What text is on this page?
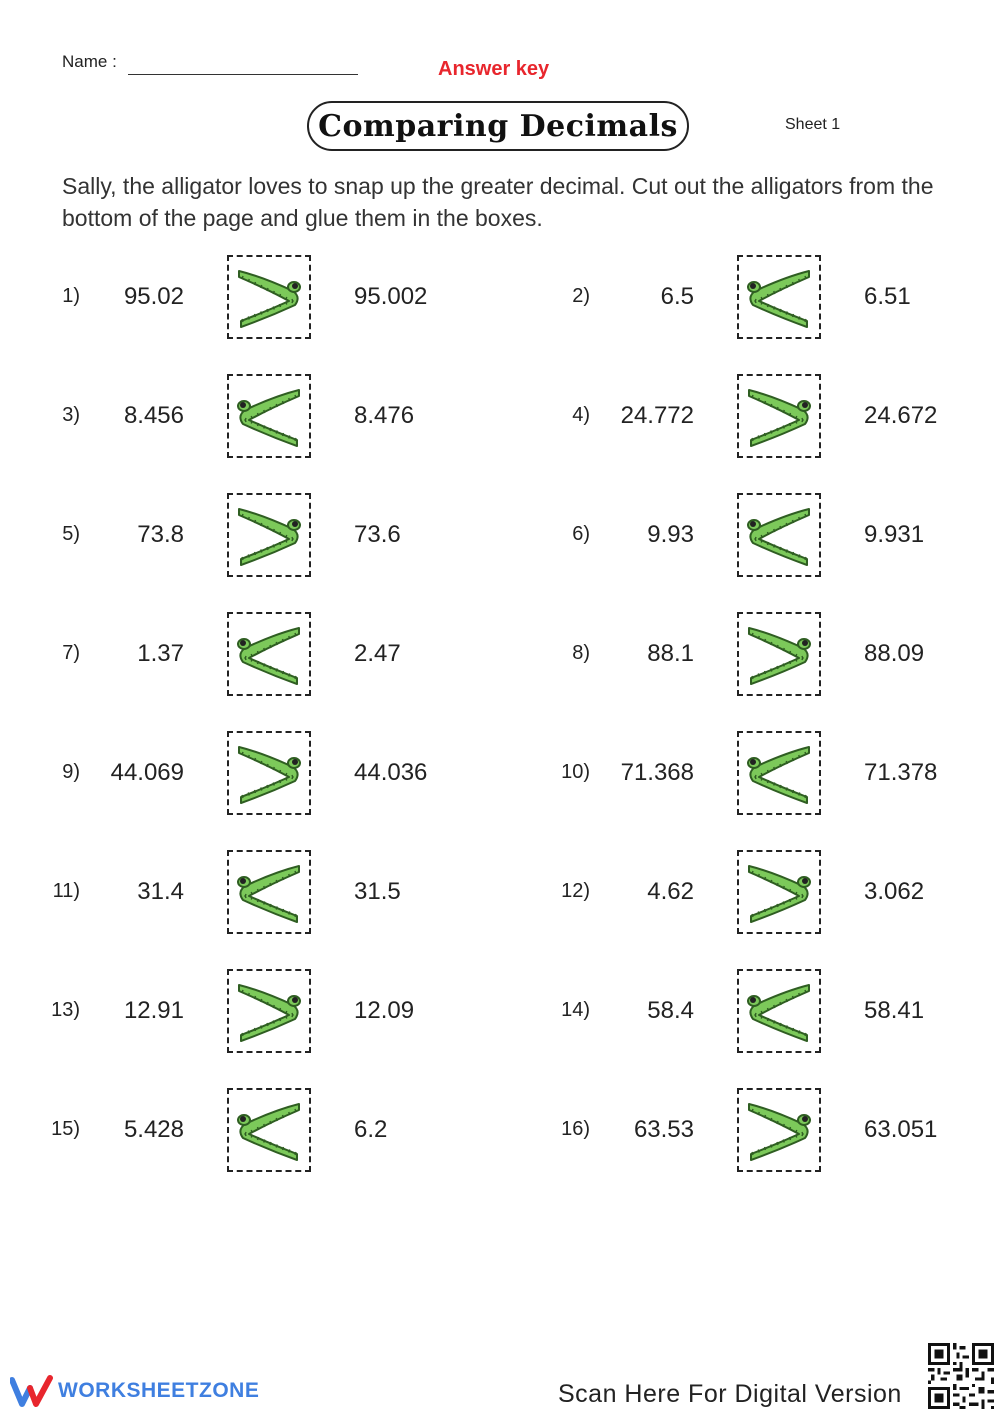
Name :	Answer key
Comparing Decimals	Sheet 1
Sally, the alligator loves to snap up the greater decimal. Cut out the alligators from the bottom of the page and glue them in the boxes.
1)	95.02	95.002	2)	6.5	6.51
3)	8.456	8.476	4)	24.772	24.672
5)	73.8	73.6	6)	9.93	9.931
7)	1.37	2.47	8)	88.1	88.09
9)	44.069	44.036	10)	71.368	71.378
11)	31.4	31.5	12)	4.62	3.062
13)	12.91	12.09	14)	58.4	58.41
15)	5.428	6.2	16)	63.53	63.051
WORKSHEETZONE	Scan Here For Digital Version
